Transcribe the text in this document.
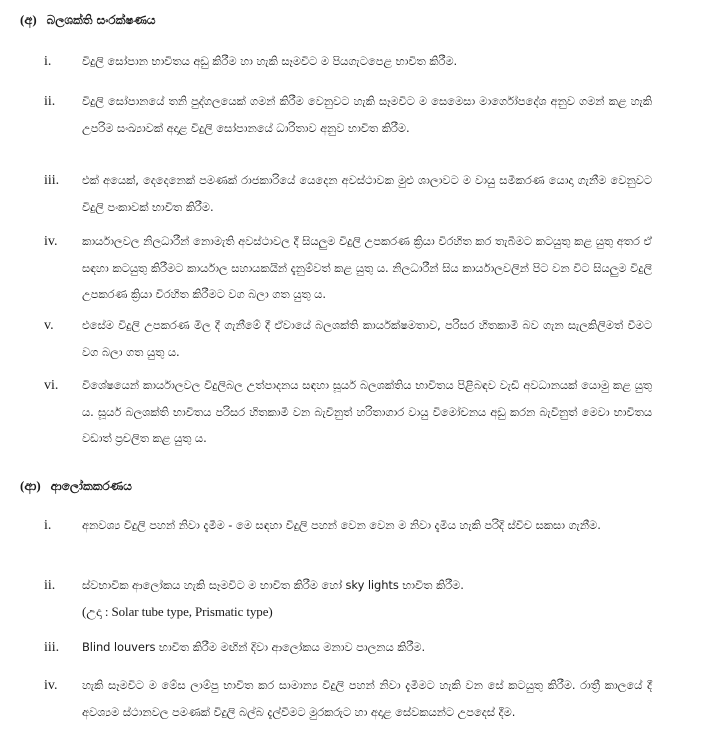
(අ) බලශක්ති සංරක්ෂණය
i.	විදුලි සෝපාන භාවිතය අඩු කිරීම හා හැකි සෑමවිට ම පියගැටපෙළ භාවිත කිරීම.
ii.	විදුලි සෝපානයේ තනි පුද්ගලයෙක් ගමන් කිරීම වෙනුවට හැකි සෑමවිට ම සෙමෙසා මාර්ගෝපදේශ අනුව ගමන් කළ හැකි උපරිම සංඛ්‍යාවක් අදාළ විදුලි සෝපානයේ ධාරිතාව අනුව භාවිත කිරීම.
iii.	එක් අයෙක්, දෙදෙනෙක් පමණක් රාජකාරියේ යෙදෙන අවස්ථාවක මුළු ශාලාවට ම වායු සමීකරණ යොදා ගැනීම වෙනුවට විදුලි පංකාවක් භාවිත කිරීම.
iv.	කාර්යාලවල නිලධාරීන් නොමැති අවස්ථාවල දී සියලුම විදුලි උපකරණ ක්‍රියා විරහිත කර තැබීමට කටයුතු කළ යුතු අතර ඒ සඳහා කටයුතු කිරීමට කාර්යාල සහායකයින් දැනුම්වත් කළ යුතු ය. නිලධාරීන් සිය කාර්යාලවලින් පිට වන විට සියලුම විදුලි උපකරණ ක්‍රියා විරහිත කිරීමට වග බලා ගත යුතු ය.
v.	එසේම විදුලි උපකරණ මිල දී ගැනීමේ දී ඒවායේ බලශක්ති කාර්යක්ෂමතාව, පරිසර හිතකාමී බව ගැන සැලකිලිමත් වීමට වග බලා ගත යුතු ය.
vi.	විශේෂයෙන් කාර්යාලවල විදුලිබල උත්පාදනය සඳහා සූර්ය බලශක්තිය භාවිතය පිළිබඳව වැඩි අවධානයක් යොමු කළ යුතු ය. සූර්ය බලශක්ති භාවිතය පරිසර හිතකාමී වන බැවිනුත් හරිතාගාර වායු විමෝචනය අඩු කරන බැවිනුත් මෙවා භාවිතය වඩාත් ප්‍රචලිත කළ යුතු ය.
(ආ) ආලෝකකරණය
i.	අනවශ්‍ය විදුලි පහන් නිවා දැමීම - මෙ සඳහා විදුලි පහන් වෙන වෙන ම නිවා දැමිය හැකි පරිදි ස්විච සකසා ගැනීම.
ii.	ස්වභාවික ආලෝකය හැකි සෑමවිට ම භාවිත කිරීම හෝ sky lights භාවිත කිරීම.
(උදා : Solar tube type, Prismatic type)
iii.	Blind louvers භාවිත කිරීම මඟින් දිවා ආලෝකය මනාව පාලනය කිරීම.
iv.	හැකි සෑමවිට ම මේස ලාම්පු භාවිත කර සාමාන්‍ය විදුලි පහන් නිවා දැමීමට හැකි වන සේ කටයුතු කිරීම. රාත්‍රී කාලයේ දී අවශ්‍යම ස්ථානවල පමණක් විදුලි බල්බ දැල්වීමට මුරකරුට හා අදාළ සේවකයන්ට උපදෙස් දීම.
